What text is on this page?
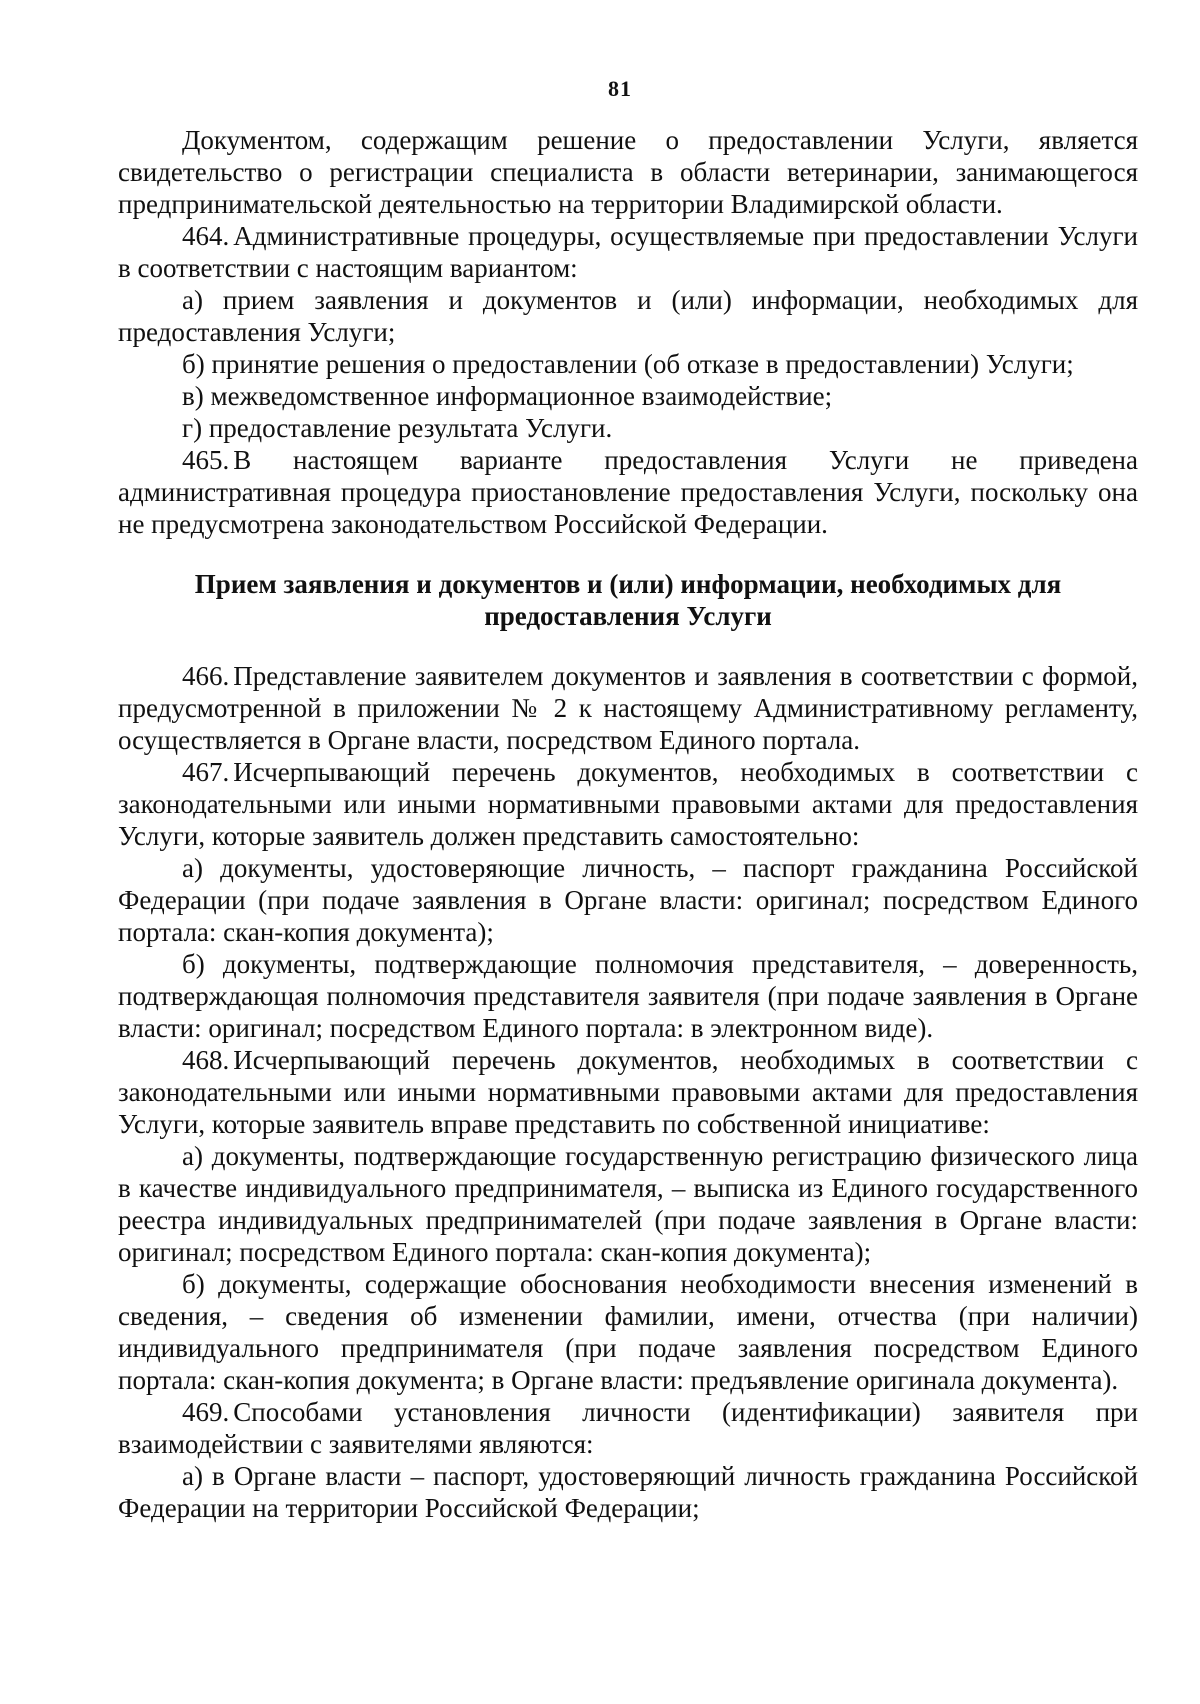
81

Документом, содержащим решение о предоставлении Услуги, является свидетельство о регистрации специалиста в области ветеринарии, занимающегося предпринимательской деятельностью на территории Владимирской области.

464. Административные процедуры, осуществляемые при предоставлении Услуги в соответствии с настоящим вариантом:

а) прием заявления и документов и (или) информации, необходимых для предоставления Услуги;

б) принятие решения о предоставлении (об отказе в предоставлении) Услуги;

в) межведомственное информационное взаимодействие;

г) предоставление результата Услуги.

465. В настоящем варианте предоставления Услуги не приведена административная процедура приостановление предоставления Услуги, поскольку она не предусмотрена законодательством Российской Федерации.

Прием заявления и документов и (или) информации, необходимых для предоставления Услуги

466. Представление заявителем документов и заявления в соответствии с формой, предусмотренной в приложении № 2 к настоящему Административному регламенту, осуществляется в Органе власти, посредством Единого портала.

467. Исчерпывающий перечень документов, необходимых в соответствии с законодательными или иными нормативными правовыми актами для предоставления Услуги, которые заявитель должен представить самостоятельно:

а) документы, удостоверяющие личность, – паспорт гражданина Российской Федерации (при подаче заявления в Органе власти: оригинал; посредством Единого портала: скан-копия документа);

б) документы, подтверждающие полномочия представителя, – доверенность, подтверждающая полномочия представителя заявителя (при подаче заявления в Органе власти: оригинал; посредством Единого портала: в электронном виде).

468. Исчерпывающий перечень документов, необходимых в соответствии с законодательными или иными нормативными правовыми актами для предоставления Услуги, которые заявитель вправе представить по собственной инициативе:

а) документы, подтверждающие государственную регистрацию физического лица в качестве индивидуального предпринимателя, – выписка из Единого государственного реестра индивидуальных предпринимателей (при подаче заявления в Органе власти: оригинал; посредством Единого портала: скан-копия документа);

б) документы, содержащие обоснования необходимости внесения изменений в сведения, – сведения об изменении фамилии, имени, отчества (при наличии) индивидуального предпринимателя (при подаче заявления посредством Единого портала: скан-копия документа; в Органе власти: предъявление оригинала документа).

469. Способами установления личности (идентификации) заявителя при взаимодействии с заявителями являются:

а) в Органе власти – паспорт, удостоверяющий личность гражданина Российской Федерации на территории Российской Федерации;
